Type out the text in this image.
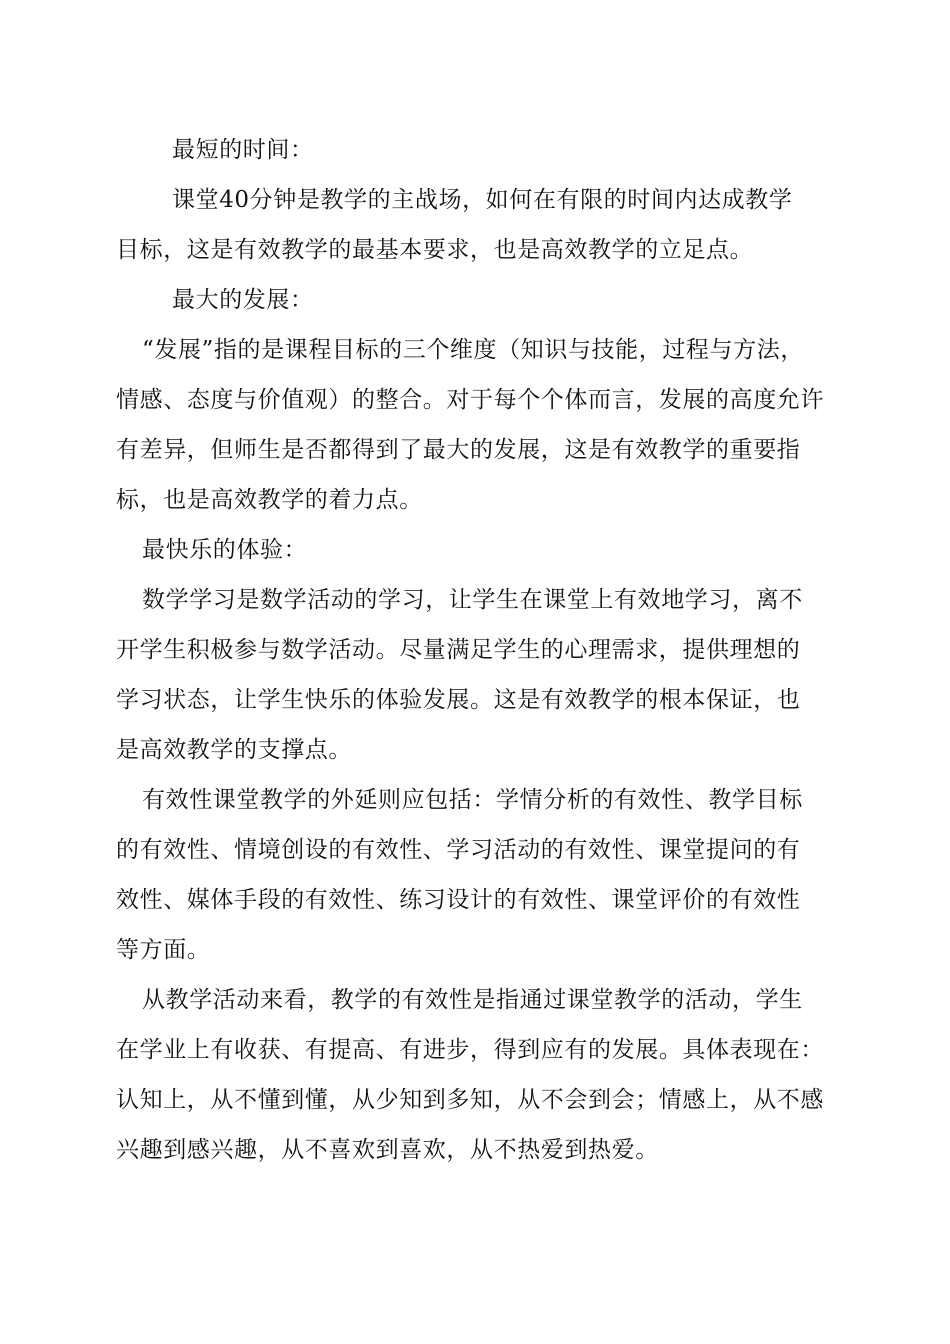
最短的时间：
课堂40分钟是教学的主战场，如何在有限的时间内达成教学
目标，这是有效教学的最基本要求，也是高效教学的立足点。
最大的发展：
“发展”指的是课程目标的三个维度（知识与技能，过程与方法，
情感、态度与价值观）的整合。对于每个个体而言，发展的高度允许
有差异，但师生是否都得到了最大的发展，这是有效教学的重要指
标，也是高效教学的着力点。
最快乐的体验：
数学学习是数学活动的学习，让学生在课堂上有效地学习，离不
开学生积极参与数学活动。尽量满足学生的心理需求，提供理想的
学习状态，让学生快乐的体验发展。这是有效教学的根本保证，也
是高效教学的支撑点。
有效性课堂教学的外延则应包括：学情分析的有效性、教学目标
的有效性、情境创设的有效性、学习活动的有效性、课堂提问的有
效性、媒体手段的有效性、练习设计的有效性、课堂评价的有效性
等方面。
从教学活动来看，教学的有效性是指通过课堂教学的活动，学生
在学业上有收获、有提高、有进步，得到应有的发展。具体表现在：
认知上，从不懂到懂，从少知到多知，从不会到会；情感上，从不感
兴趣到感兴趣，从不喜欢到喜欢，从不热爱到热爱。
